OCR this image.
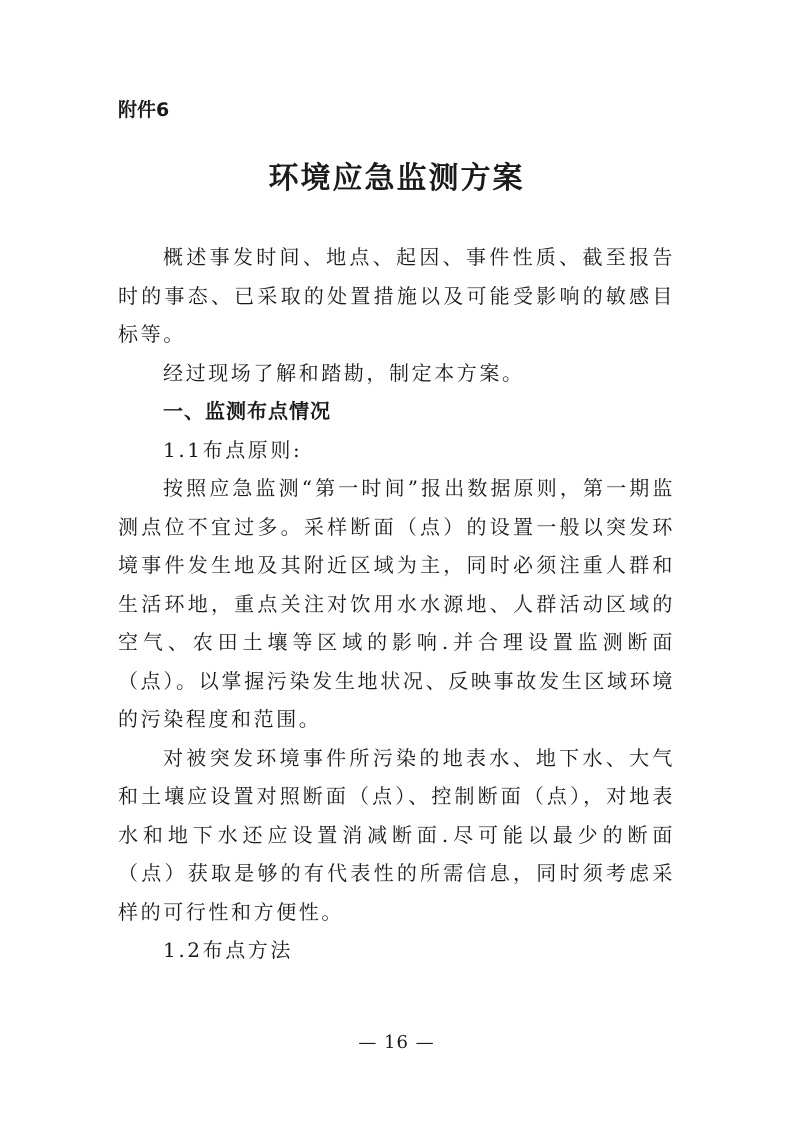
附件6
环境应急监测方案

概述事发时间、地点、起因、事件性质、截至报告时的事态、已采取的处置措施以及可能受影响的敏感目标等。

经过现场了解和踏勘，制定本方案。

一、监测布点情况

1.1布点原则:

按照应急监测“第一时间”报出数据原则，第一期监测点位不宜过多。采样断面（点）的设置一般以突发环境事件发生地及其附近区域为主，同时必须注重人群和生活环地，重点关注对饮用水水源地、人群活动区域的空气、农田土壤等区域的影响.并合理设置监测断面（点）。以掌握污染发生地状况、反映事故发生区域环境的污染程度和范围。

对被突发环境事件所污染的地表水、地下水、大气和土壤应设置对照断面（点）、控制断面（点），对地表水和地下水还应设置消减断面.尽可能以最少的断面（点）获取是够的有代表性的所需信息，同时须考虑采样的可行性和方便性。

1.2布点方法

— 16 —
